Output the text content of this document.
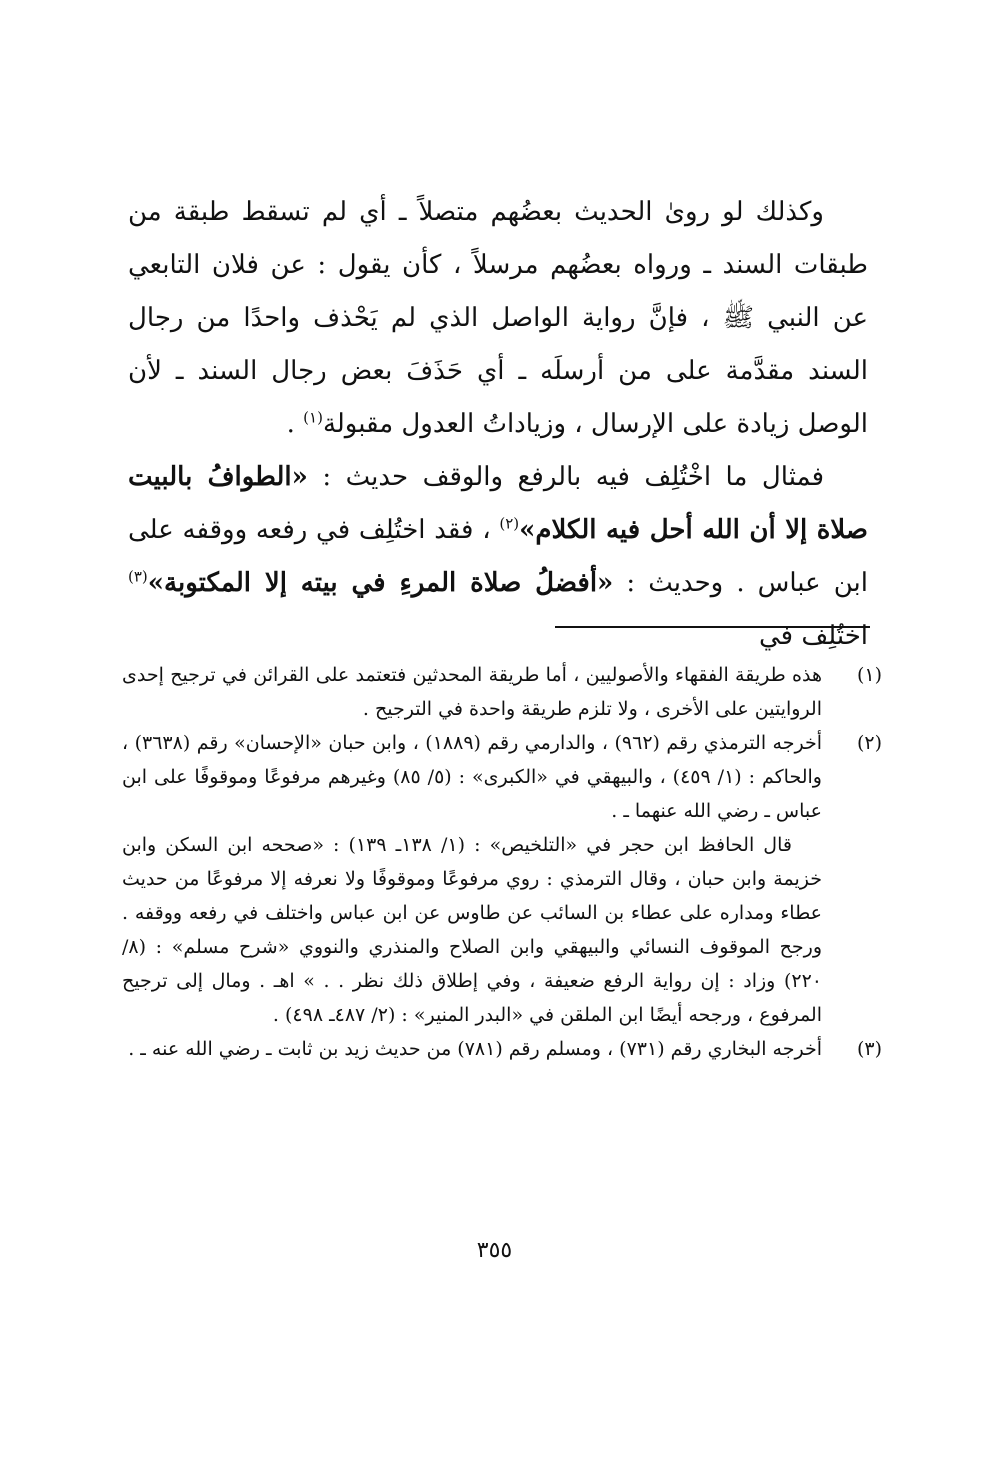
وكذلك لو روىٰ الحديث بعضُهم متصلاً ـ أي لم تسقط طبقة من طبقات السند ـ ورواه بعضُهم مرسلاً ، كأن يقول : عن فلان التابعي عن النبي ﷺ ، فإنَّ رواية الواصل الذي لم يَحْذف واحدًا من رجال السند مقدَّمة على من أرسلَه ـ أي حَذَفَ بعض رجال السند ـ لأن الوصل زيادة على الإرسال ، وزياداتُ العدول مقبولة$^{(١)}$ .

فمثال ما اخْتُلِف فيه بالرفع والوقف حديث : «الطوافُ بالبيت صلاة إلا أن الله أحل فيه الكلام»$^{(٢)}$ ، فقد اختُلِف في رفعه ووقفه على ابن عباس . وحديث : «أفضلُ صلاة المرءِ في بيته إلا المكتوبة»$^{(٣)}$ اختُلِف في

(١)
هذه طريقة الفقهاء والأصوليين ، أما طريقة المحدثين فتعتمد على القرائن في ترجيح إحدى الروايتين على الأخرى ، ولا تلزم طريقة واحدة في الترجيح .

(٢)
أخرجه الترمذي رقم (٩٦٢) ، والدارمي رقم (١٨٨٩) ، وابن حبان «الإحسان» رقم (٣٦٣٨) ، والحاكم : (١/ ٤٥٩) ، والبيهقي في «الكبرى» : (٥/ ٨٥) وغيرهم مرفوعًا وموقوفًا على ابن عباس ـ رضي الله عنهما ـ .

قال الحافظ ابن حجر في «التلخيص» : (١/ ١٣٨ـ ١٣٩) : «صححه ابن السكن وابن خزيمة وابن حبان ، وقال الترمذي : روي مرفوعًا وموقوفًا ولا نعرفه إلا مرفوعًا من حديث عطاء ومداره على عطاء بن السائب عن طاوس عن ابن عباس واختلف في رفعه ووقفه . ورجح الموقوف النسائي والبيهقي وابن الصلاح والمنذري والنووي «شرح مسلم» : (٨/ ٢٢٠) وزاد : إن رواية الرفع ضعيفة ، وفي إطلاق ذلك نظر . . » اهـ . ومال إلى ترجيح المرفوع ، ورجحه أيضًا ابن الملقن في «البدر المنير» : (٢/ ٤٨٧ـ ٤٩٨) .

(٣)
أخرجه البخاري رقم (٧٣١) ، ومسلم رقم (٧٨١) من حديث زيد بن ثابت ـ رضي الله عنه ـ .

٣٥٥
